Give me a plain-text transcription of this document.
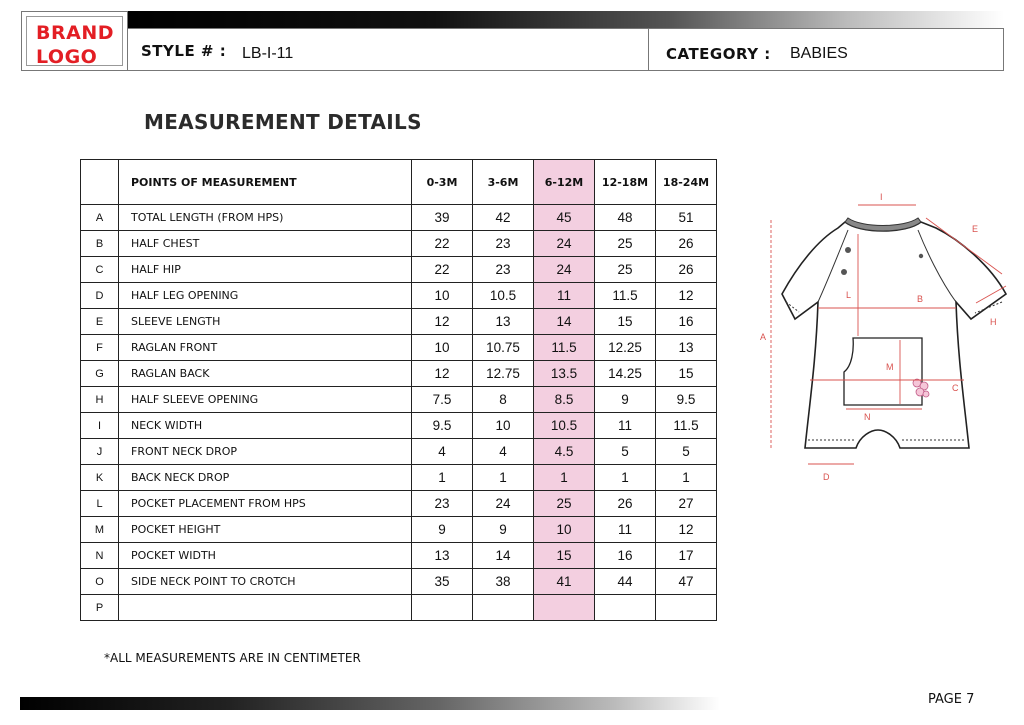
BRAND
LOGO	STYLE # : LB-I-11	CATEGORY : BABIES
MEASUREMENT DETAILS
	POINTS OF MEASUREMENT	0-3M	3-6M	6-12M	12-18M	18-24M
A	TOTAL LENGTH (FROM HPS)	39	42	45	48	51
B	HALF CHEST	22	23	24	25	26
C	HALF HIP	22	23	24	25	26
D	HALF LEG OPENING	10	10.5	11	11.5	12
E	SLEEVE LENGTH	12	13	14	15	16
F	RAGLAN FRONT	10	10.75	11.5	12.25	13
G	RAGLAN BACK	12	12.75	13.5	14.25	15
H	HALF SLEEVE OPENING	7.5	8	8.5	9	9.5
I	NECK WIDTH	9.5	10	10.5	11	11.5
J	FRONT NECK DROP	4	4	4.5	5	5
K	BACK NECK DROP	1	1	1	1	1
L	POCKET PLACEMENT FROM HPS	23	24	25	26	27
M	POCKET HEIGHT	9	9	10	11	12
N	POCKET WIDTH	13	14	15	16	17
O	SIDE NECK POINT TO CROTCH	35	38	41	44	47
P						
I
A
B
C
D
E
H
L
M
N
*ALL MEASUREMENTS ARE IN CENTIMETER
PAGE 7
